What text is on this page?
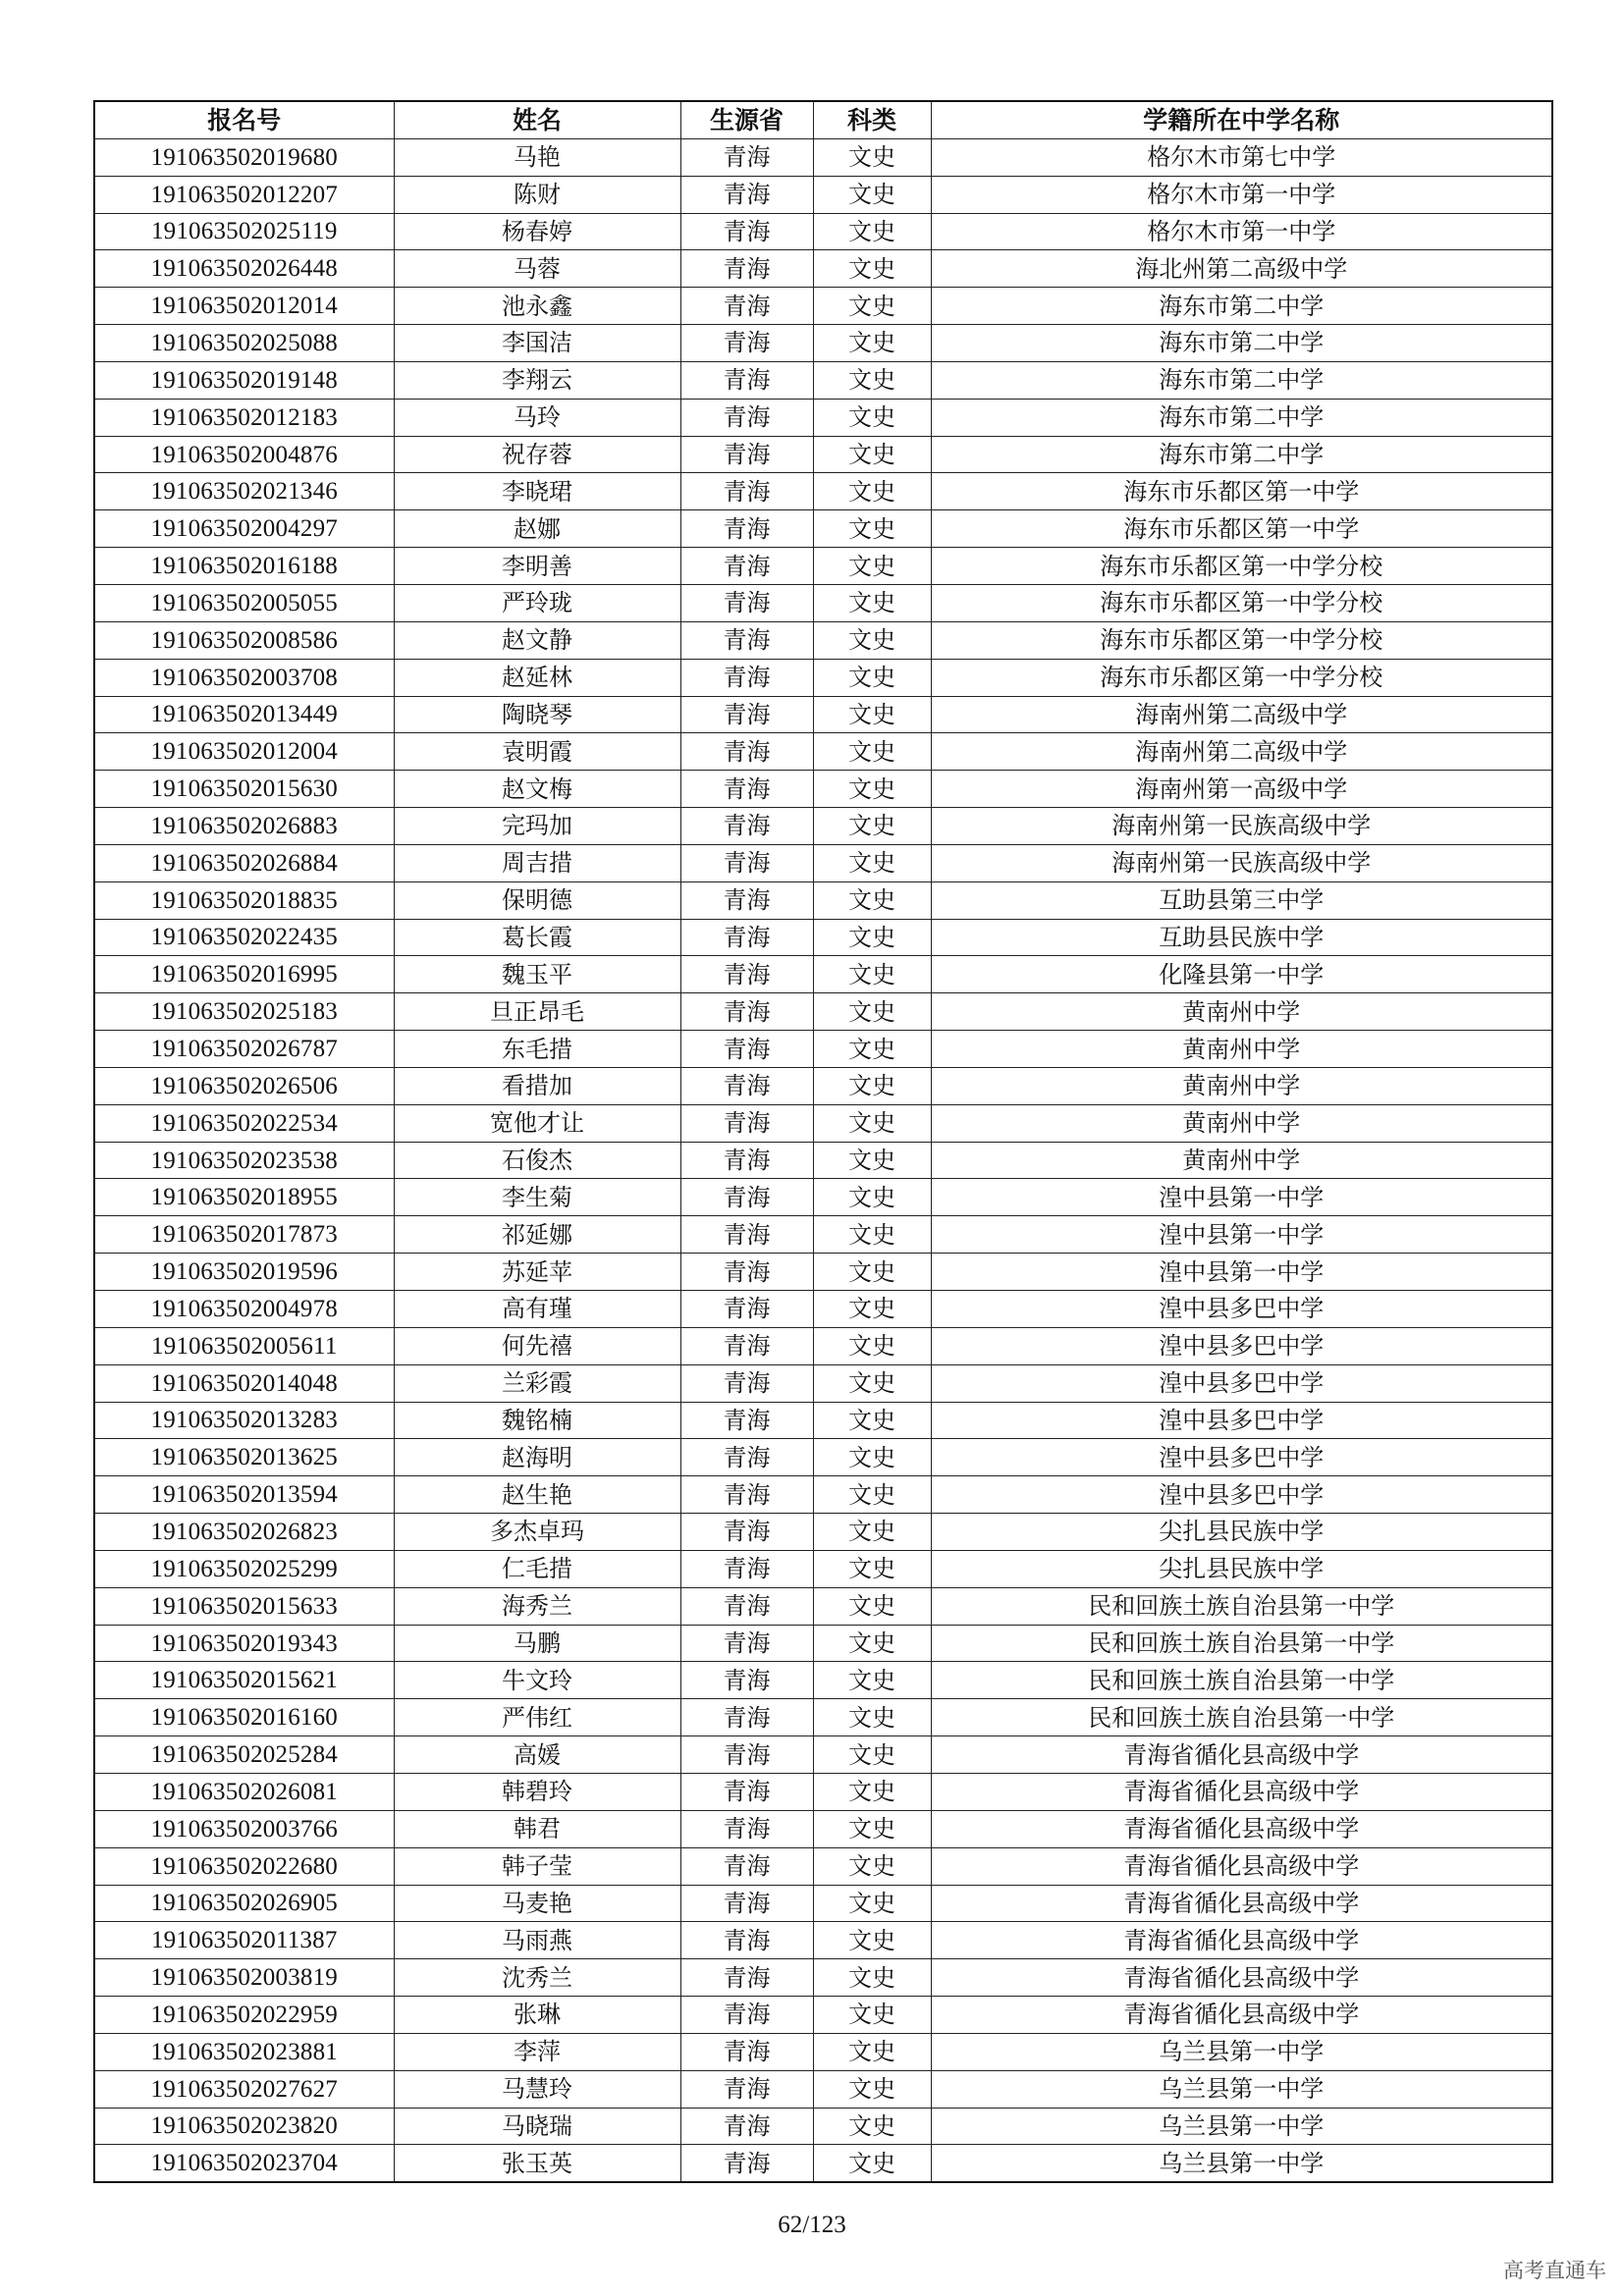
报名号	姓名	生源省	科类	学籍所在中学名称
191063502019680	马艳	青海	文史	格尔木市第七中学
191063502012207	陈财	青海	文史	格尔木市第一中学
191063502025119	杨春婷	青海	文史	格尔木市第一中学
191063502026448	马蓉	青海	文史	海北州第二高级中学
191063502012014	池永鑫	青海	文史	海东市第二中学
191063502025088	李国洁	青海	文史	海东市第二中学
191063502019148	李翔云	青海	文史	海东市第二中学
191063502012183	马玲	青海	文史	海东市第二中学
191063502004876	祝存蓉	青海	文史	海东市第二中学
191063502021346	李晓珺	青海	文史	海东市乐都区第一中学
191063502004297	赵娜	青海	文史	海东市乐都区第一中学
191063502016188	李明善	青海	文史	海东市乐都区第一中学分校
191063502005055	严玲珑	青海	文史	海东市乐都区第一中学分校
191063502008586	赵文静	青海	文史	海东市乐都区第一中学分校
191063502003708	赵延林	青海	文史	海东市乐都区第一中学分校
191063502013449	陶晓琴	青海	文史	海南州第二高级中学
191063502012004	袁明霞	青海	文史	海南州第二高级中学
191063502015630	赵文梅	青海	文史	海南州第一高级中学
191063502026883	完玛加	青海	文史	海南州第一民族高级中学
191063502026884	周吉措	青海	文史	海南州第一民族高级中学
191063502018835	保明德	青海	文史	互助县第三中学
191063502022435	葛长霞	青海	文史	互助县民族中学
191063502016995	魏玉平	青海	文史	化隆县第一中学
191063502025183	旦正昂毛	青海	文史	黄南州中学
191063502026787	东毛措	青海	文史	黄南州中学
191063502026506	看措加	青海	文史	黄南州中学
191063502022534	宽他才让	青海	文史	黄南州中学
191063502023538	石俊杰	青海	文史	黄南州中学
191063502018955	李生菊	青海	文史	湟中县第一中学
191063502017873	祁延娜	青海	文史	湟中县第一中学
191063502019596	苏延苹	青海	文史	湟中县第一中学
191063502004978	高有瑾	青海	文史	湟中县多巴中学
191063502005611	何先禧	青海	文史	湟中县多巴中学
191063502014048	兰彩霞	青海	文史	湟中县多巴中学
191063502013283	魏铭楠	青海	文史	湟中县多巴中学
191063502013625	赵海明	青海	文史	湟中县多巴中学
191063502013594	赵生艳	青海	文史	湟中县多巴中学
191063502026823	多杰卓玛	青海	文史	尖扎县民族中学
191063502025299	仁毛措	青海	文史	尖扎县民族中学
191063502015633	海秀兰	青海	文史	民和回族土族自治县第一中学
191063502019343	马鹏	青海	文史	民和回族土族自治县第一中学
191063502015621	牛文玲	青海	文史	民和回族土族自治县第一中学
191063502016160	严伟红	青海	文史	民和回族土族自治县第一中学
191063502025284	高媛	青海	文史	青海省循化县高级中学
191063502026081	韩碧玲	青海	文史	青海省循化县高级中学
191063502003766	韩君	青海	文史	青海省循化县高级中学
191063502022680	韩子莹	青海	文史	青海省循化县高级中学
191063502026905	马麦艳	青海	文史	青海省循化县高级中学
191063502011387	马雨燕	青海	文史	青海省循化县高级中学
191063502003819	沈秀兰	青海	文史	青海省循化县高级中学
191063502022959	张琳	青海	文史	青海省循化县高级中学
191063502023881	李萍	青海	文史	乌兰县第一中学
191063502027627	马慧玲	青海	文史	乌兰县第一中学
191063502023820	马晓瑞	青海	文史	乌兰县第一中学
191063502023704	张玉英	青海	文史	乌兰县第一中学
62/123
高考直通车
